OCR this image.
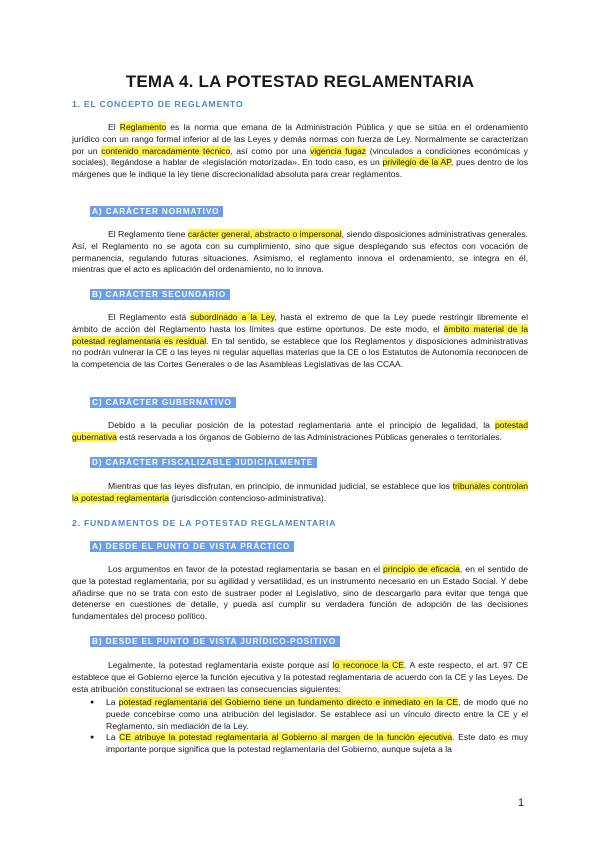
TEMA 4. LA POTESTAD REGLAMENTARIA
1. EL CONCEPTO DE REGLAMENTO

El Reglamento es la norma que emana de la Administración Pública y que se sitúa en el ordenamiento jurídico con un rango formal inferior al de las Leyes y demás normas con fuerza de Ley. Normalmente se caracterizan por un contenido marcadamente técnico, así como por una vigencia fugaz (vinculados a condiciones económicas y sociales), llegándose a hablar de «legislación motorizada». En todo caso, es un privilegio de la AP, pues dentro de los márgenes que le indique la ley tiene discrecionalidad absoluta para crear reglamentos.

A) CARÁCTER NORMATIVO

El Reglamento tiene carácter general, abstracto o impersonal, siendo disposiciones administrativas generales. Así, el Reglamento no se agota con su cumplimiento, sino que sigue desplegando sus efectos con vocación de permanencia, regulando futuras situaciones. Asimismo, el reglamento innova el ordenamiento, se integra en él, mientras que el acto es aplicación del ordenamiento, no lo innova.

B) CARÁCTER SECUNDARIO

El Reglamento está subordinado a la Ley, hasta el extremo de que la Ley puede restringir libremente el ámbito de acción del Reglamento hasta los límites que estime oportunos. De este modo, el ámbito material de la potestad reglamentaria es residual. En tal sentido, se establece que los Reglamentos y disposiciones administrativas no podrán vulnerar la CE o las leyes ni regular aquellas materias que la CE o los Estatutos de Autonomía reconocen de la competencia de las Cortes Generales o de las Asambleas Legislativas de las CCAA.

C) CARÁCTER GUBERNATIVO

Debido a la peculiar posición de la potestad reglamentaria ante el principio de legalidad, la potestad gubernativa está reservada a los órganos de Gobierno de las Administraciones Públicas generales o territoriales.

D) CARÁCTER FISCALIZABLE JUDICIALMENTE

Mientras que las leyes disfrutan, en principio, de inmunidad judicial, se establece que los tribunales controlan la potestad reglamentaria (jurisdicción contencioso-administrativa).

2. FUNDAMENTOS DE LA POTESTAD REGLAMENTARIA
A) DESDE EL PUNTO DE VISTA PRÁCTICO

Los argumentos en favor de la potestad reglamentaria se basan en el principio de eficacia, en el sentido de que la potestad reglamentaria, por su agilidad y versatilidad, es un instrumento necesario en un Estado Social. Y debe añadirse que no se trata con esto de sustraer poder al Legislativo, sino de descargarlo para evitar que tenga que detenerse en cuestiones de detalle, y pueda así cumplir su verdadera función de adopción de las decisiones fundamentales del proceso político.

B) DESDE EL PUNTO DE VISTA JURÍDICO-POSITIVO

Legalmente, la potestad reglamentaria existe porque así lo reconoce la CE. A este respecto, el art. 97 CE establece que el Gobierno ejerce la función ejecutiva y la potestad reglamentaria de acuerdo con la CE y las Leyes. De esta atribución constitucional se extraen las consecuencias siguientes:

● La potestad reglamentaria del Gobierno tiene un fundamento directo e inmediato en la CE, de modo que no puede concebirse como una atribución del legislador. Se establece así un vínculo directo entre la CE y el Reglamento, sin mediación de la Ley.
● La CE atribuye la potestad reglamentaria al Gobierno al margen de la función ejecutiva. Este dato es muy importante porque significa que la potestad reglamentaria del Gobierno, aunque sujeta a la

1
